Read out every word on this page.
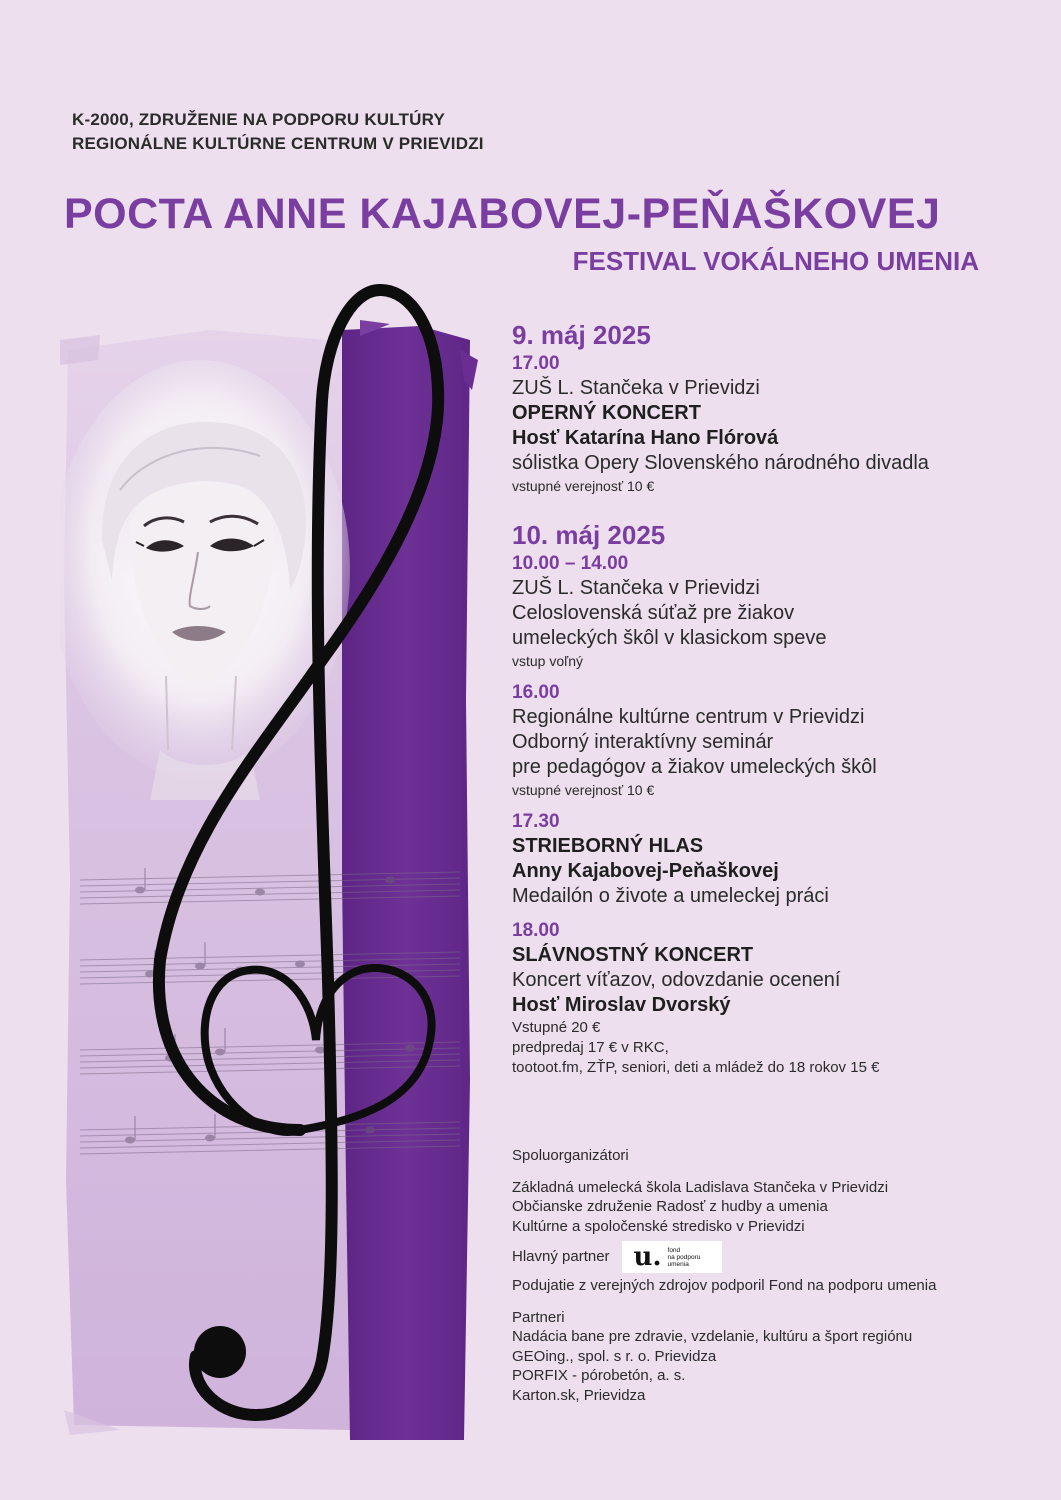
K-2000, ZDRUŽENIE NA PODPORU KULTÚRY
REGIONÁLNE KULTÚRNE CENTRUM V PRIEVIDZI
POCTA ANNE KAJABOVEJ-PEŇAŠKOVEJ
FESTIVAL VOKÁLNEHO UMENIA
9. máj 2025
17.00
ZUŠ L. Stančeka v Prievidzi
OPERNÝ KONCERT
Hosť Katarína Hano Flórová
sólistka Opery Slovenského národného divadla
vstupné verejnosť 10 €
10. máj 2025
10.00 – 14.00
ZUŠ L. Stančeka v Prievidzi
Celoslovenská súťaž pre žiakov
umeleckých škôl v klasickom speve
vstup voľný
16.00
Regionálne kultúrne centrum v Prievidzi
Odborný interaktívny seminár
pre pedagógov a žiakov umeleckých škôl
vstupné verejnosť 10 €
17.30
STRIEBORNÝ HLAS
Anny Kajabovej-Peňaškovej
Medailón o živote a umeleckej práci
18.00
SLÁVNOSTNÝ KONCERT
Koncert víťazov, odovzdanie ocenení
Hosť Miroslav Dvorský
Vstupné 20 €
predpredaj 17 € v RKC,
tootoot.fm, ZŤP, seniori, deti a mládež do 18 rokov 15 €
Spoluorganizátori
Základná umelecká škola Ladislava Stančeka v Prievidzi
Občianske združenie Radosť z hudby a umenia
Kultúrne a spoločenské stredisko v Prievidzi
Hlavný partner u. fond
na podporu
umenia
Podujatie z verejných zdrojov podporil Fond na podporu umenia
Partneri
Nadácia bane pre zdravie, vzdelanie, kultúru a šport regiónu
GEOing., spol. s r. o. Prievidza
PORFIX - pórobetón, a. s.
Karton.sk, Prievidza
